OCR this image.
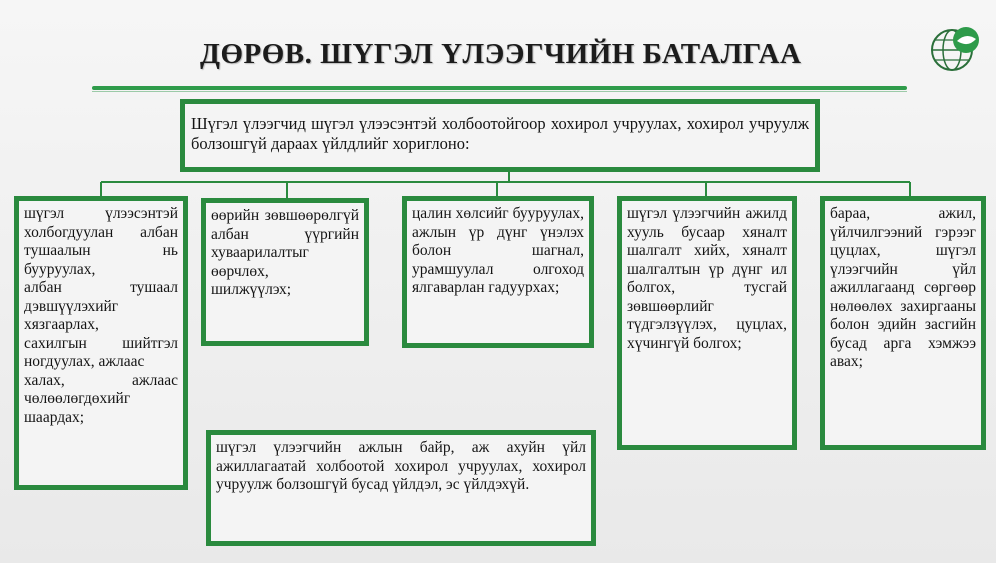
ДӨРӨВ. ШҮГЭЛ ҮЛЭЭГЧИЙН БАТАЛГАА
Шүгэл үлээгчид шүгэл үлээсэнтэй холбоотойгоор хохирол учруулах, хохирол учруулж болзошгүй дараах үйлдлийг хориглоно:
шүгэл үлээсэнтэй холбогдуулан албан тушаалын нь бууруулах,
албан тушаал дэвшүүлэхийг хязгаарлах,
сахилгын шийтгэл ногдуулах, ажлаас
халах, ажлаас чөлөөлөгдөхийг шаардах;
өөрийн зөвшөөрөлгүй албан үүргийн хуваарилалтыг өөрчлөх,
шилжүүлэх;
цалин хөлсийг бууруулах, ажлын үр дүнг үнэлэх болон шагнал, урамшуулал олгоход ялгаварлан гадуурхах;
шүгэл үлээгчийн ажилд хууль бусаар хяналт шалгалт хийх, хяналт шалгалтын үр дүнг ил болгох, тусгай зөвшөөрлийг түдгэлзүүлэх, цуцлах, хүчингүй болгох;
бараа, ажил, үйлчилгээний гэрээг цуцлах, шүгэл үлээгчийн үйл ажиллагаанд сөргөөр нөлөөлөх захиргааны болон эдийн засгийн бусад арга хэмжээ авах;
шүгэл үлээгчийн ажлын байр, аж ахуйн үйл ажиллагаатай холбоотой хохирол учруулах, хохирол учруулж болзошгүй бусад үйлдэл, эс үйлдэхүй.
